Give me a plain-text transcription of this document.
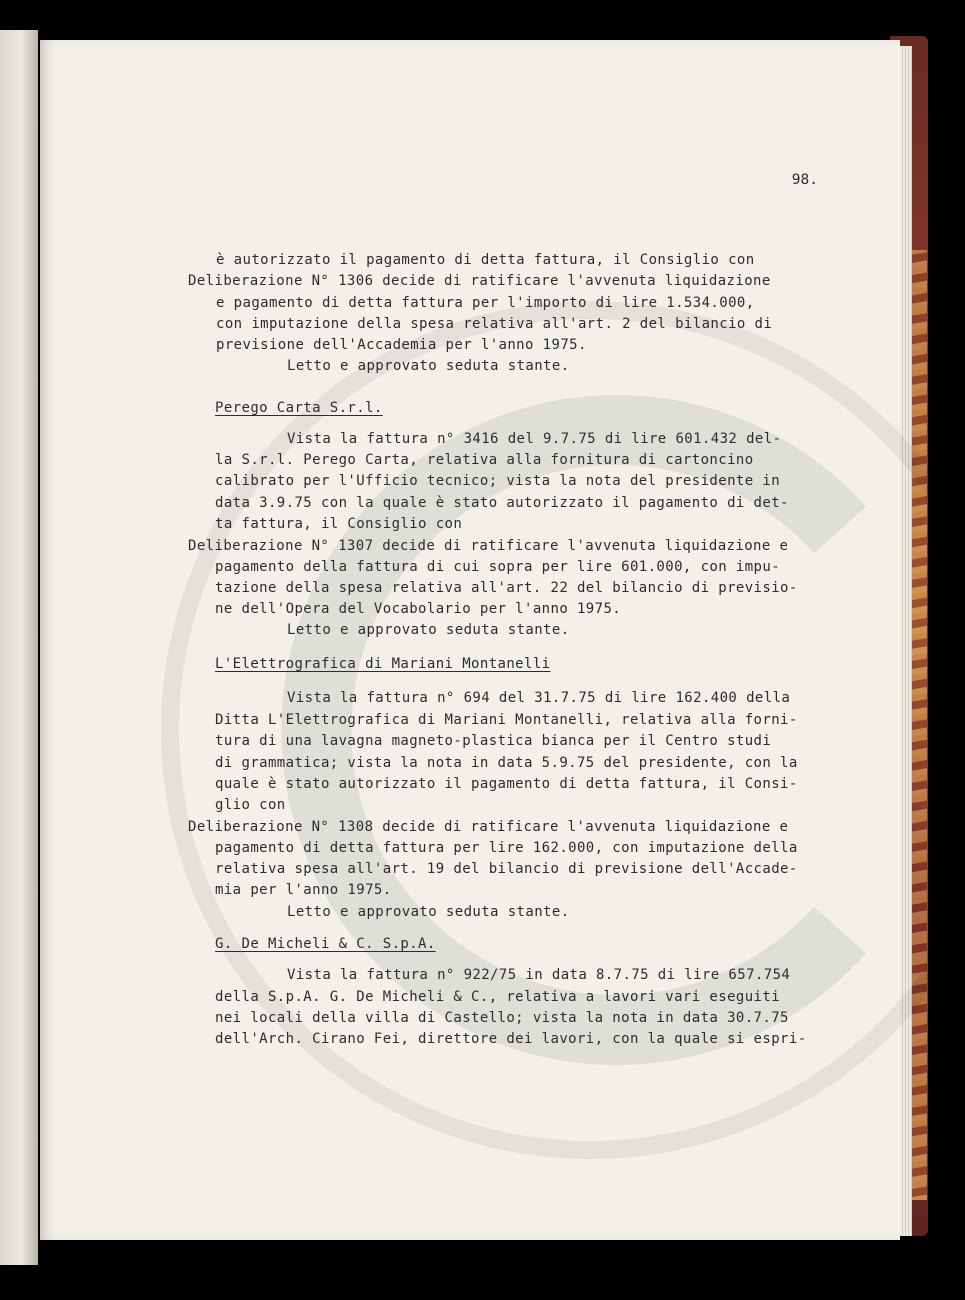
98.
è autorizzato il pagamento di detta fattura, il Consiglio con
Deliberazione N° 1306 decide di ratificare l'avvenuta liquidazione
e pagamento di detta fattura per l'importo di lire 1.534.000,
con imputazione della spesa relativa all'art. 2 del bilancio di
previsione dell'Accademia per l'anno 1975.
Letto e approvato seduta stante.
Perego Carta S.r.l.
Vista la fattura n° 3416 del 9.7.75 di lire 601.432 del-
la S.r.l. Perego Carta, relativa alla fornitura di cartoncino
calibrato per l'Ufficio tecnico; vista la nota del presidente in
data 3.9.75 con la quale è stato autorizzato il pagamento di det-
ta fattura, il Consiglio con
Deliberazione N° 1307 decide di ratificare l'avvenuta liquidazione e
pagamento della fattura di cui sopra per lire 601.000, con impu-
tazione della spesa relativa all'art. 22 del bilancio di previsio-
ne dell'Opera del Vocabolario per l'anno 1975.
Letto e approvato seduta stante.
L'Elettrografica di Mariani Montanelli
Vista la fattura n° 694 del 31.7.75 di lire 162.400 della
Ditta L'Elettrografica di Mariani Montanelli, relativa alla forni-
tura di una lavagna magneto-plastica bianca per il Centro studi
di grammatica; vista la nota in data 5.9.75 del presidente, con la
quale è stato autorizzato il pagamento di detta fattura, il Consi-
glio con
Deliberazione N° 1308 decide di ratificare l'avvenuta liquidazione e
pagamento di detta fattura per lire 162.000, con imputazione della
relativa spesa all'art. 19 del bilancio di previsione dell'Accade-
mia per l'anno 1975.
Letto e approvato seduta stante.
G. De Micheli & C. S.p.A.
Vista la fattura n° 922/75 in data 8.7.75 di lire 657.754
della S.p.A. G. De Micheli & C., relativa a lavori vari eseguiti
nei locali della villa di Castello; vista la nota in data 30.7.75
dell'Arch. Cirano Fei, direttore dei lavori, con la quale si espri-
